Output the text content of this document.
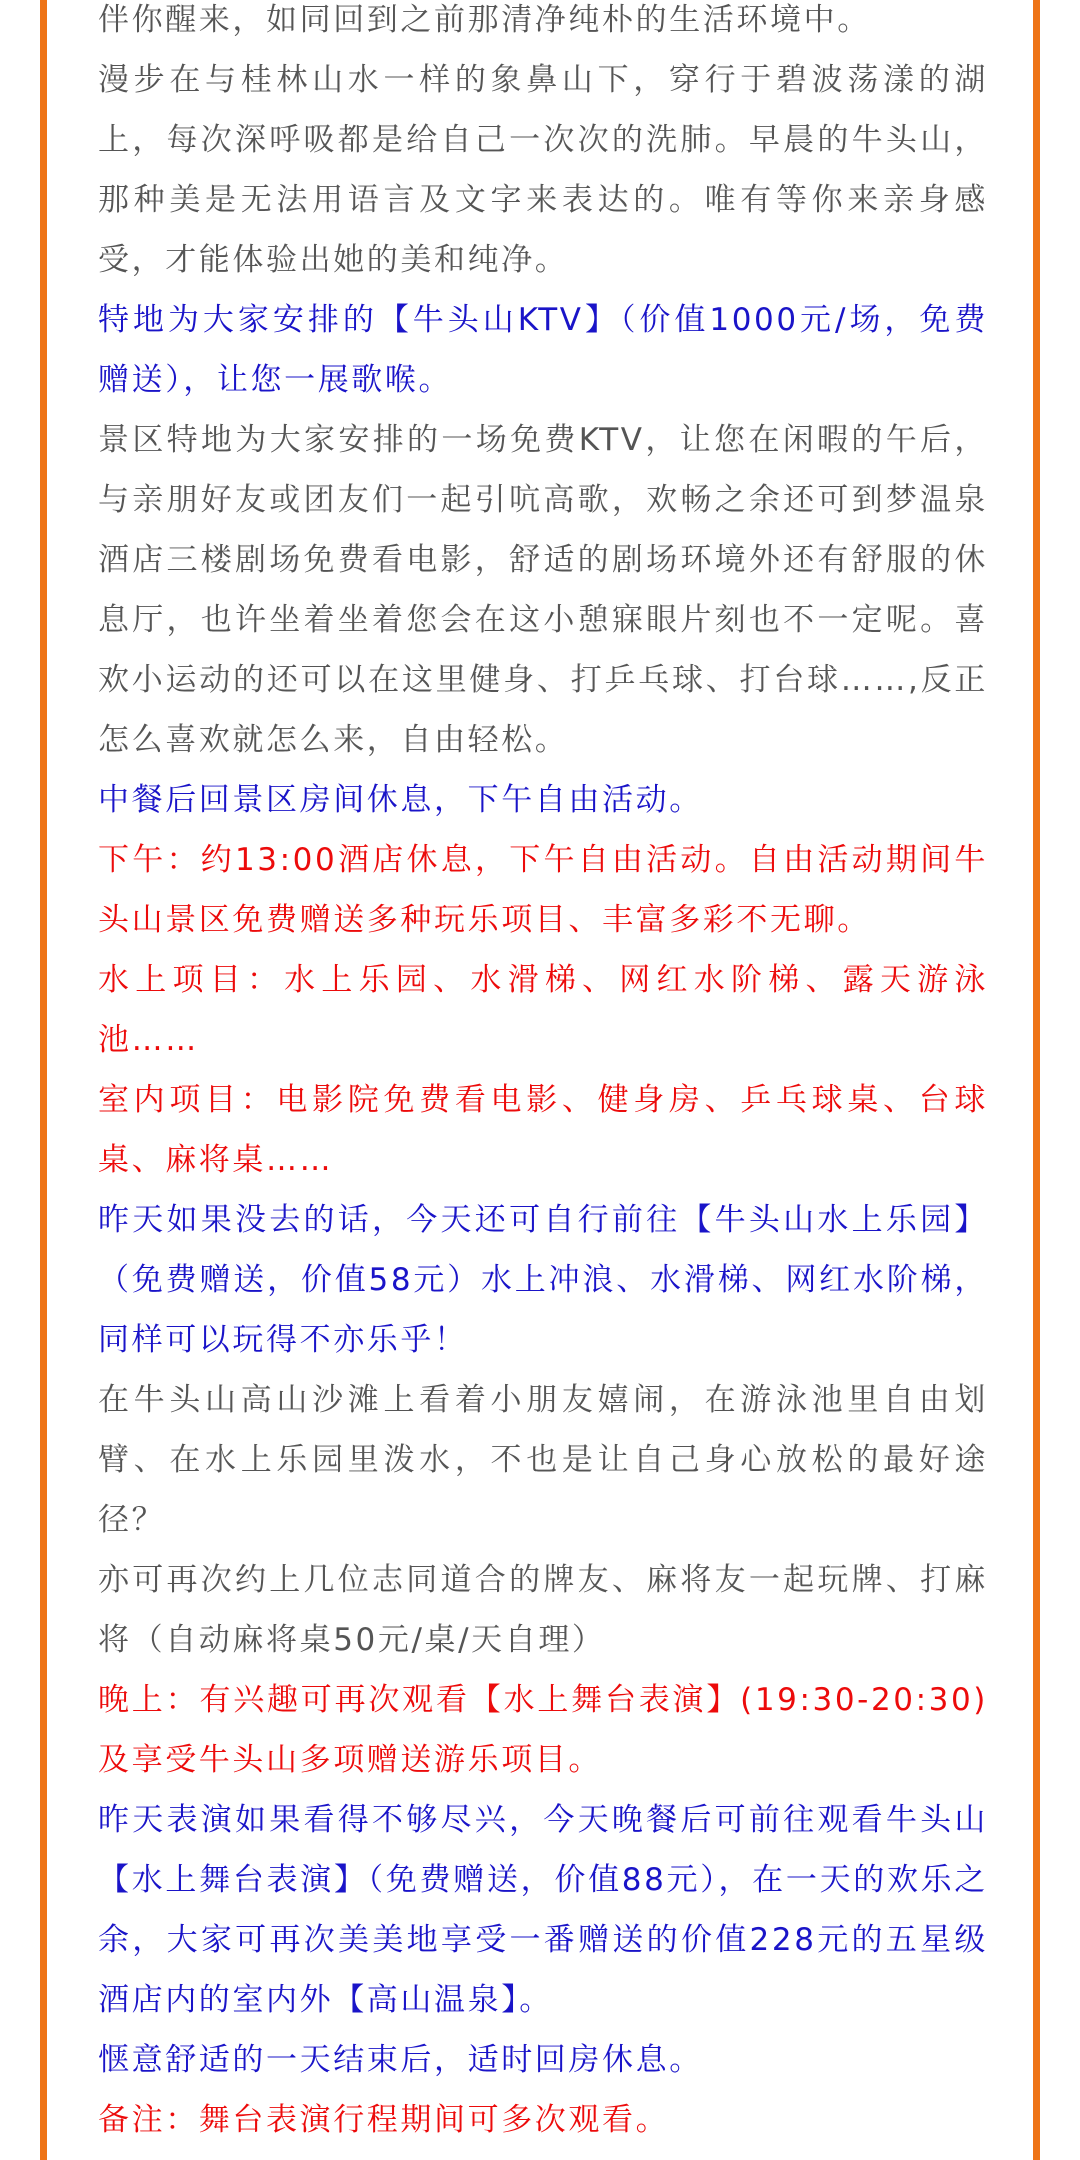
伴你醒来，如同回到之前那清净纯朴的生活环境中。

漫步在与桂林山水一样的象鼻山下，穿行于碧波荡漾的湖上，每次深呼吸都是给自己一次次的洗肺。早晨的牛头山，那种美是无法用语言及文字来表达的。唯有等你来亲身感受，才能体验出她的美和纯净。

特地为大家安排的【牛头山KTV】（价值1000元/场，免费赠送），让您一展歌喉。

景区特地为大家安排的一场免费KTV，让您在闲暇的午后，与亲朋好友或团友们一起引吭高歌，欢畅之余还可到梦温泉酒店三楼剧场免费看电影，舒适的剧场环境外还有舒服的休息厅，也许坐着坐着您会在这小憩寐眼片刻也不一定呢。喜欢小运动的还可以在这里健身、打乒乓球、打台球……,反正怎么喜欢就怎么来，自由轻松。

中餐后回景区房间休息，下午自由活动。

下午：约13:00酒店休息，下午自由活动。自由活动期间牛头山景区免费赠送多种玩乐项目、丰富多彩不无聊。

水上项目：水上乐园、水滑梯、网红水阶梯、露天游泳池……

室内项目：电影院免费看电影、健身房、乒乓球桌、台球桌、麻将桌……

昨天如果没去的话，今天还可自行前往【牛头山水上乐园】（免费赠送，价值58元）水上冲浪、水滑梯、网红水阶梯，同样可以玩得不亦乐乎！

在牛头山高山沙滩上看着小朋友嬉闹，在游泳池里自由划臂、在水上乐园里泼水，不也是让自己身心放松的最好途径？

亦可再次约上几位志同道合的牌友、麻将友一起玩牌、打麻将（自动麻将桌50元/桌/天自理）

晚上：有兴趣可再次观看【水上舞台表演】(19:30-20:30)及享受牛头山多项赠送游乐项目。

昨天表演如果看得不够尽兴，今天晚餐后可前往观看牛头山【水上舞台表演】（免费赠送，价值88元），在一天的欢乐之余，大家可再次美美地享受一番赠送的价值228元的五星级酒店内的室内外【高山温泉】。

惬意舒适的一天结束后，适时回房休息。

备注：舞台表演行程期间可多次观看。
